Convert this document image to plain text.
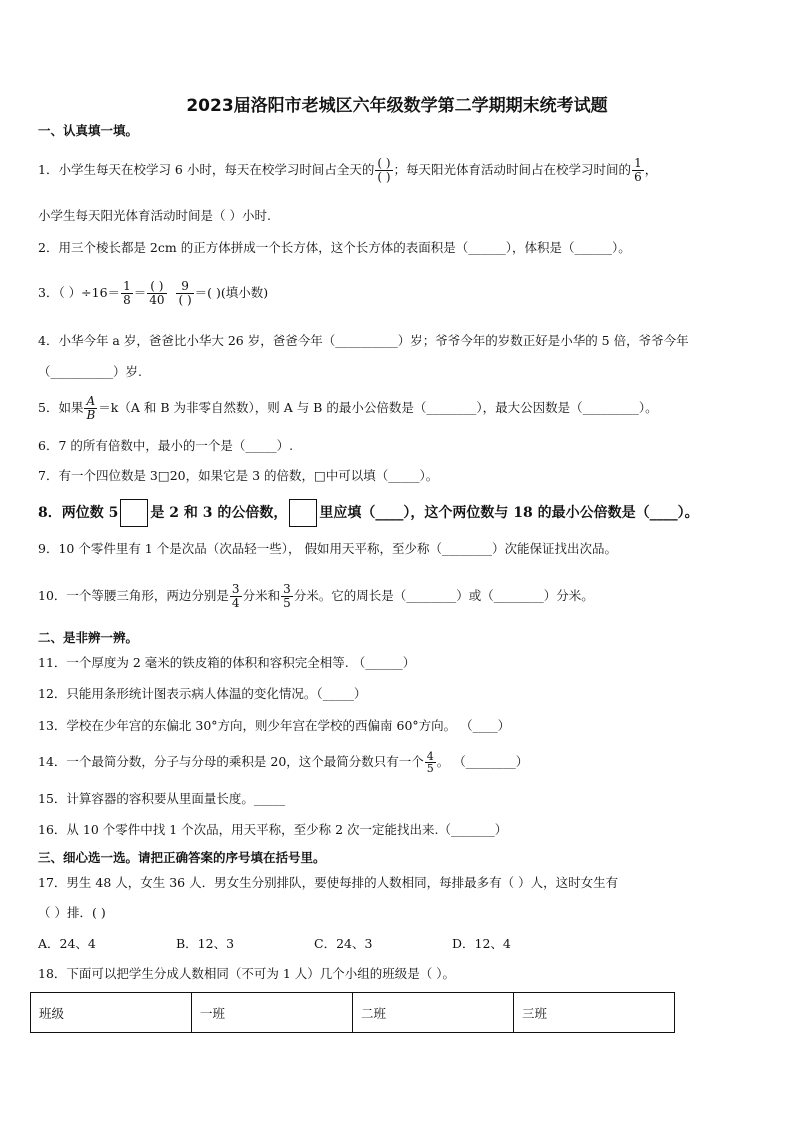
2023届洛阳市老城区六年级数学第二学期期末统考试题
一、认真填一填。
1．小学生每天在校学习 6 小时，每天在校学习时间占全天的 $\frac{( )}{( )}$ ；每天阳光体育活动时间占在校学习时间的 $\frac{1}{6}$ ，
小学生每天阳光体育活动时间是（ ）小时.
2．用三个棱长都是 2cm 的正方体拼成一个长方体，这个长方体的表面积是（______），体积是（______）。
3．（ ）$\div 16= \frac{1}{8} = \frac{( )}{40}$
$\frac{9}{( )}$ ＝( )(填小数)
4．小华今年 a 岁，爸爸比小华大 26 岁，爸爸今年（__________）岁；爷爷今年的岁数正好是小华的 5 倍，爷爷今年
（__________）岁.
5．如果 $\frac{A}{B} =k(A$ 和 B 为非零自然数），则 A 与 B 的最小公倍数是（________），最大公因数是（_________）。
6．7 的所有倍数中，最小的一个是（_____）.
7．有一个四位数是 3□20，如果它是 3 的倍数，□中可以填（_____）。
8．两位数 5 是 2 和 3 的公倍数， 里应填（____），这个两位数与 18 的最小公倍数是（____）。
9．10 个零件里有 1 个是次品（次品轻一些）， 假如用天平称，至少称（________）次能保证找出次品。
10．一个等腰三角形，两边分别是 $\frac{3}{4}$ 分米和 $\frac{3}{5}$ 分米。它的周长是（________）或（________）分米。
二、是非辨一辨。
11．一个厚度为 2 毫米的铁皮箱的体积和容积完全相等. （______）
12．只能用条形统计图表示病人体温的变化情况。（_____）
13．学校在少年宫的东偏北 30°方向，则少年宫在学校的西偏南 60°方向。 （____）
14．一个最简分数，分子与分母的乘积是 20，这个最简分数只有一个 $\frac{4}{5}$ 。 （________）
15．计算容器的容积要从里面量长度。_____
16．从 10 个零件中找 1 个次品，用天平称，至少称 2 次一定能找出来.（_______）
三、细心选一选。请把正确答案的序号填在括号里。
17．男生 48 人，女生 36 人．男女生分别排队，要使每排的人数相同，每排最多有（ ）人，这时女生有
（ ）排．( )
A．24、4	B．12、3	C．24、3	D．12、4
18．下面可以把学生分成人数相同（不可为 1 人）几个小组的班级是（ ）。
班级	一班	二班	三班
